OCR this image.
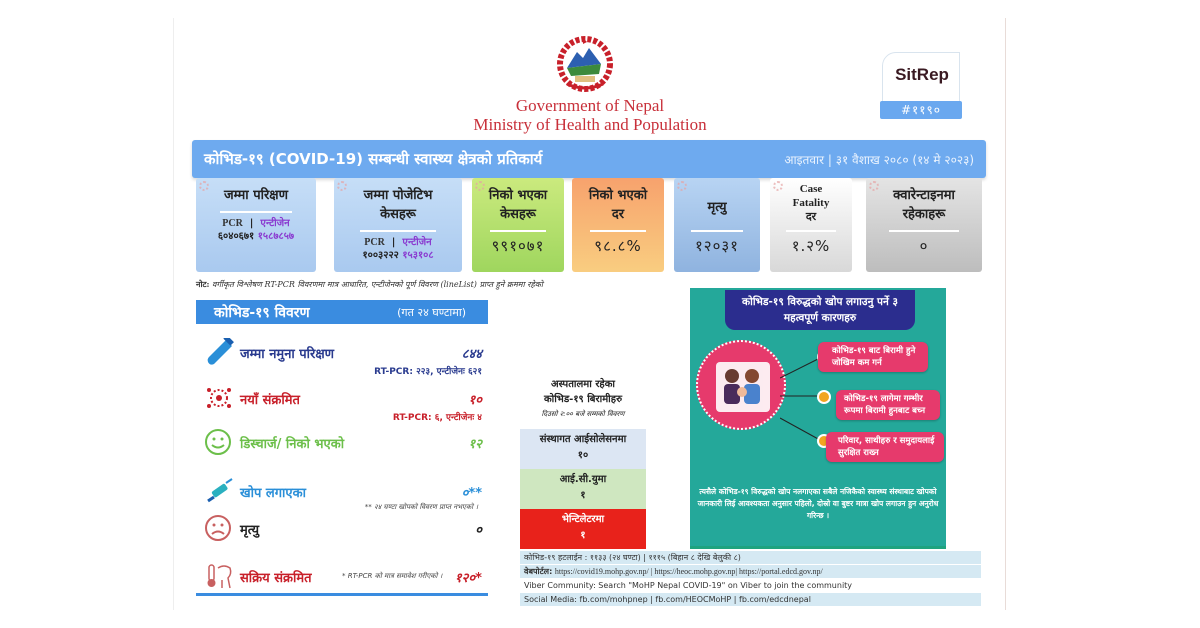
Government of Nepal
Ministry of Health and Population
SitRep
#११९०
कोभिड-१९ (COVID-19) सम्बन्धी स्वास्थ्य क्षेत्रको प्रतिकार्य	आइतवार | ३१ वैशाख २०८० (१४ मे २०२३)
जम्मा परिक्षण
PCR  |  एन्टीजेन
६०४०६७१ १५८७८५७
जम्मा पोजेटिभ केसहरू
PCR  |  एन्टीजेन
१००३२२२ १५३१०८
निको भएका केसहरू
९९१०७१
निको भएको दर
९८.८%
मृत्यु
१२०३१
Case Fatality दर
१.२%
क्वारेन्टाइनमा रहेकाहरू
०
नोट: वर्गीकृत विश्लेषण RT-PCR विवरणमा मात्र आधारित, एन्टीजेनको पूर्ण विवरण (lineList) प्राप्त हुने क्रममा रहेको
कोभिड-१९ विवरण	(गत २४ घण्टामा)
जम्मा नमुना परिक्षण	८४४
RT-PCR: २२३, एन्टीजेनः ६२१
नयाँ संक्रमित	१०
RT-PCR: ६, एन्टीजेनः ४
डिस्चार्ज/ निको भएको	१२
खोप लगाएका	०**
** २४ घण्टा खोपको विवरण प्राप्त नभएको ।
मृत्यु	०
सक्रिय संक्रमित	* RT-PCR को मात्र समावेश गरीएको । १२०*
अस्पतालमा रहेका कोभिड-१९ बिरामीहरु
दिउसो २:०० बजे सम्मको विवरण
संस्थागत आईसोलेसनमा
१०
आई.सी.युमा
१
भेन्टिलेटरमा
१
कोभिड-१९ विरुद्धको खोप लगाउनु पर्ने ३ महत्वपूर्ण कारणहरु
कोभिड-१९ बाट बिरामी हुने जोखिम कम गर्न
कोभिड-१९ लागेमा गम्भीर रूपमा बिरामी हुनबाट बच्न
परिवार, साथीहरु र समुदायलाई सुरक्षित राख्न
त्यसैले कोभिड-१९ विरुद्धको खोप नलगाएका सबैले नजिकैको स्वास्थ्य संस्थाबाट खोपको जानकारी लिई आवश्यकता अनुसार पहिलो, दोस्रो वा बुष्टर मात्रा खोप लगाउन हुन अनुरोध गरिन्छ ।
कोभिड-१९ हटलाईन : ११३३ (२४ घण्टा) | १११५ (बिहान ८ देखि बेलुकी ८)
वेबपोर्टल: https://covid19.mohp.gov.np/ | https://heoc.mohp.gov.np| https://portal.edcd.gov.np/
Viber Community: Search "MoHP Nepal COVID-19" on Viber to join the community
Social Media: fb.com/mohpnep | fb.com/HEOCMoHP | fb.com/edcdnepal
